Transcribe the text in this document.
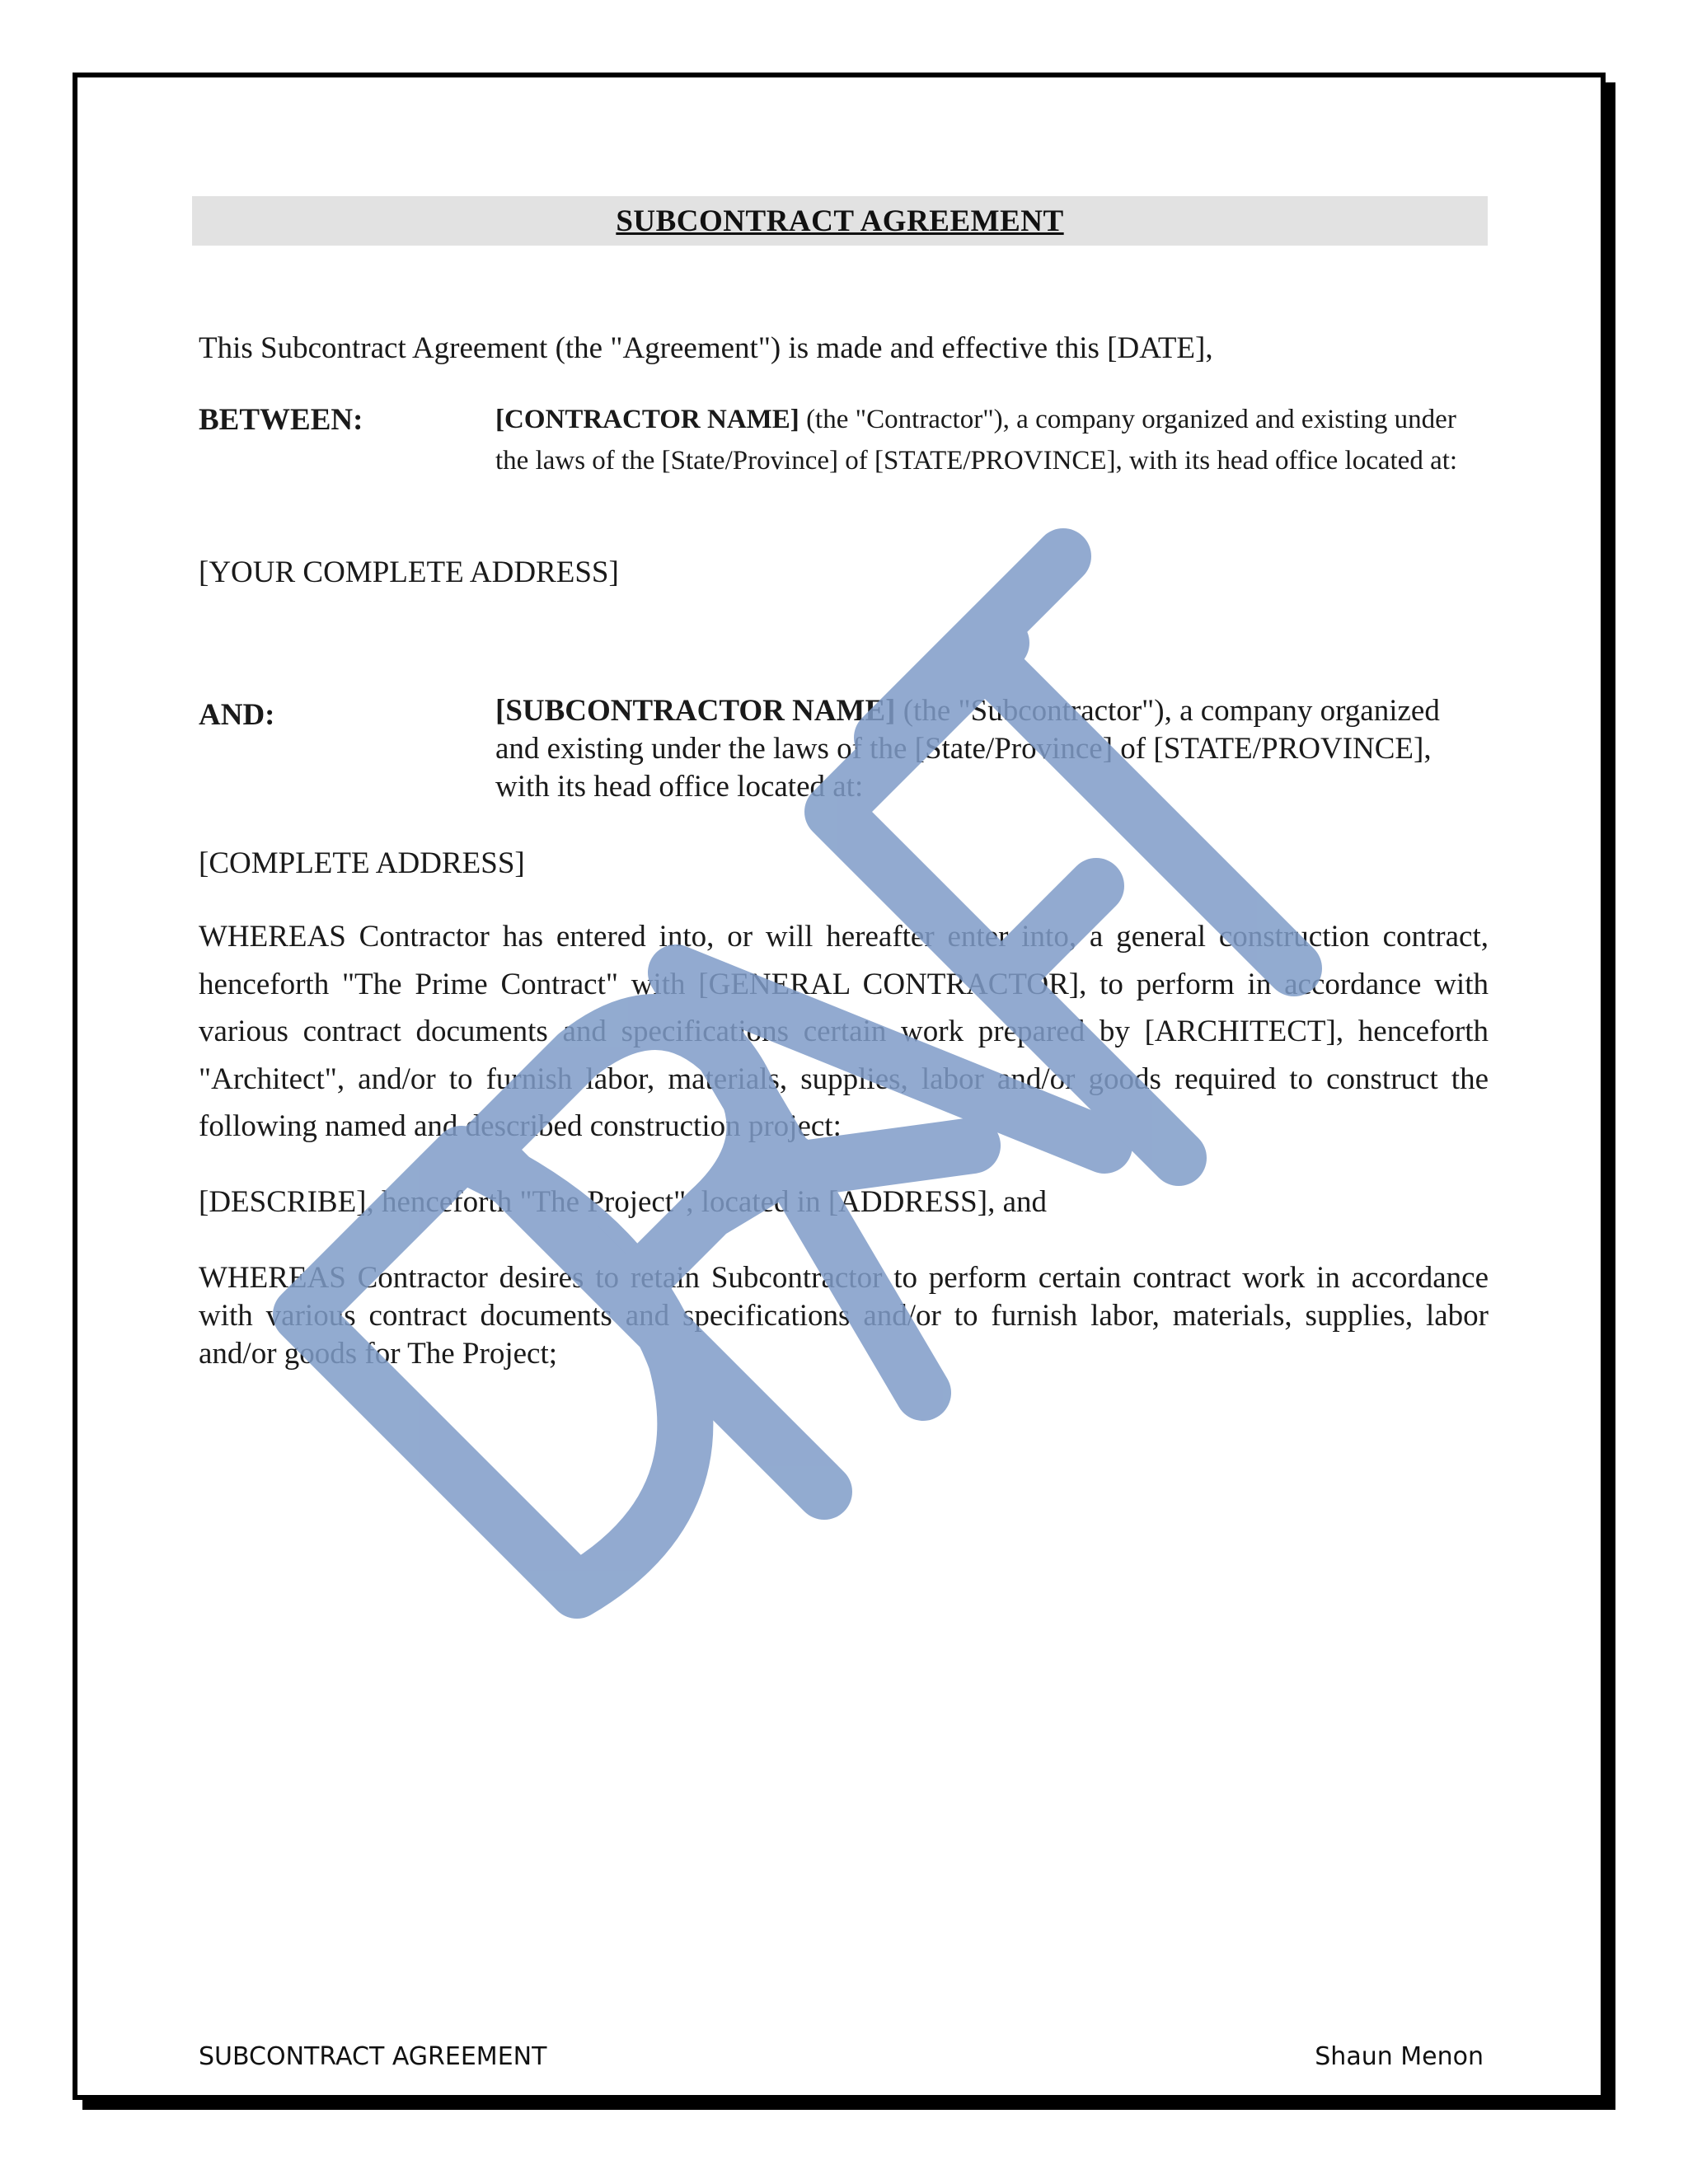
SUBCONTRACT AGREEMENT
This Subcontract Agreement (the "Agreement") is made and effective this [DATE],
BETWEEN:	[CONTRACTOR NAME] (the "Contractor"), a company organized and existing under the laws of the [State/Province] of [STATE/PROVINCE], with its head office located at:
[YOUR COMPLETE ADDRESS]
AND:	[SUBCONTRACTOR NAME] (the "Subcontractor"), a company organized and existing under the laws of the [State/Province] of [STATE/PROVINCE], with its head office located at:
[COMPLETE ADDRESS]
WHEREAS Contractor has entered into, or will hereafter enter into, a general construction contract, henceforth "The Prime Contract" with [GENERAL CONTRACTOR], to perform in accordance with various contract documents and specifications certain work prepared by [ARCHITECT], henceforth "Architect", and/or to furnish labor, materials, supplies, labor and/or goods required to construct the following named and described construction project:
[DESCRIBE], henceforth "The Project", located in [ADDRESS], and
WHEREAS Contractor desires to retain Subcontractor to perform certain contract work in accordance with various contract documents and specifications and/or to furnish labor, materials, supplies, labor and/or goods for The Project;
SUBCONTRACT AGREEMENT	Shaun Menon
